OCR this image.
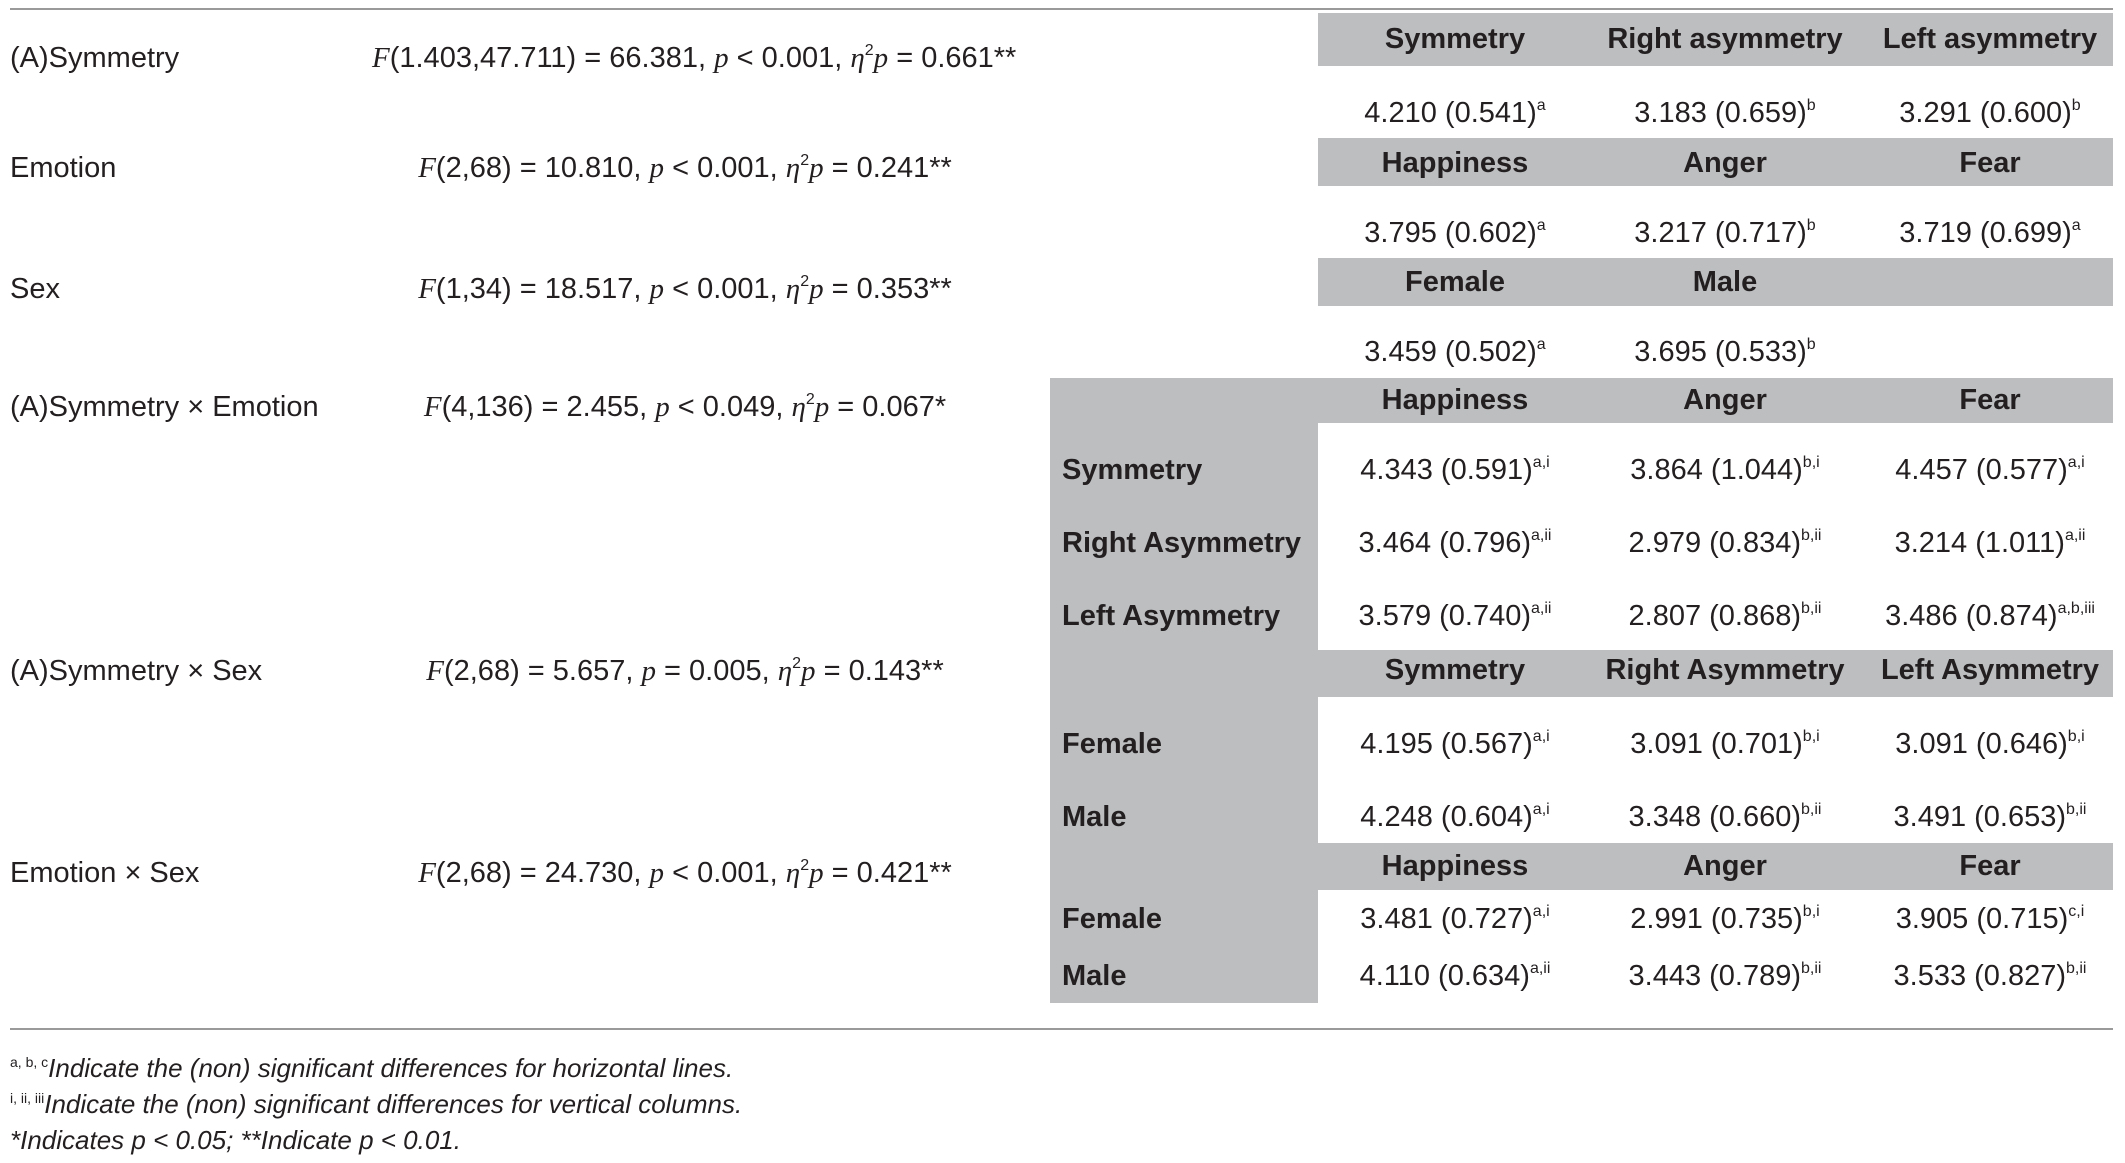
(A)Symmetry	F(1.403,47.711) = 66.381, p < 0.001, $\eta^2p = 0.661**$
Emotion	F(2,68) = 10.810, p < 0.001, $\eta^2p = 0.241**$
Sex	F(1,34) = 18.517, p < 0.001, $\eta^2p = 0.353**$
(A)Symmetry × Emotion	F(4,136) = 2.455, p < 0.049, $\eta^2p = 0.067*$
(A)Symmetry × Sex	F(2,68) = 5.657, p = 0.005, $\eta^2p = 0.143**$
Emotion × Sex	F(2,68) = 24.730, p < 0.001, $\eta^2p = 0.421**$
Symmetry	Right asymmetry	Left asymmetry
4.210 $(0.541)^a$	3.183 $(0.659)^b$	3.291 $(0.600)^b$
Happiness	Anger	Fear
3.795 $(0.602)^a$	3.217 $(0.717)^b$	3.719 $(0.699)^a$
Female	Male
3.459 $(0.502)^a$	3.695 $(0.533)^b$
Happiness	Anger	Fear
Symmetry	4.343 $(0.591)^{a,i}$	3.864 $(1.044)^{b,i}$	4.457 $(0.577)^{a,i}$
Right Asymmetry	3.464 $(0.796)^{a,ii}$	2.979 $(0.834)^{b,ii}$	3.214 $(1.011)^{a,ii}$
Left Asymmetry	3.579 $(0.740)^{a,ii}$	2.807 $(0.868)^{b,ii}$	3.486 $(0.874)^{a,b,iii}$
Symmetry	Right Asymmetry	Left Asymmetry
Female	4.195 $(0.567)^{a,i}$	3.091 $(0.701)^{b,i}$	3.091 $(0.646)^{b,i}$
Male	4.248 $(0.604)^{a,i}$	3.348 $(0.660)^{b,ii}$	3.491 $(0.653)^{b,ii}$
Happiness	Anger	Fear
Female	3.481 $(0.727)^{a,i}$	2.991 $(0.735)^{b,i}$	3.905 $(0.715)^{c,i}$
Male	4.110 $(0.634)^{a,ii}$	3.443 $(0.789)^{b,ii}$	3.533 $(0.827)^{b,ii}$
$^{a, b, c}$Indicate the (non) significant differences for horizontal lines.
$^{i, ii, iii}$Indicate the (non) significant differences for vertical columns.
*Indicates p < 0.05; **Indicate p < 0.01.
